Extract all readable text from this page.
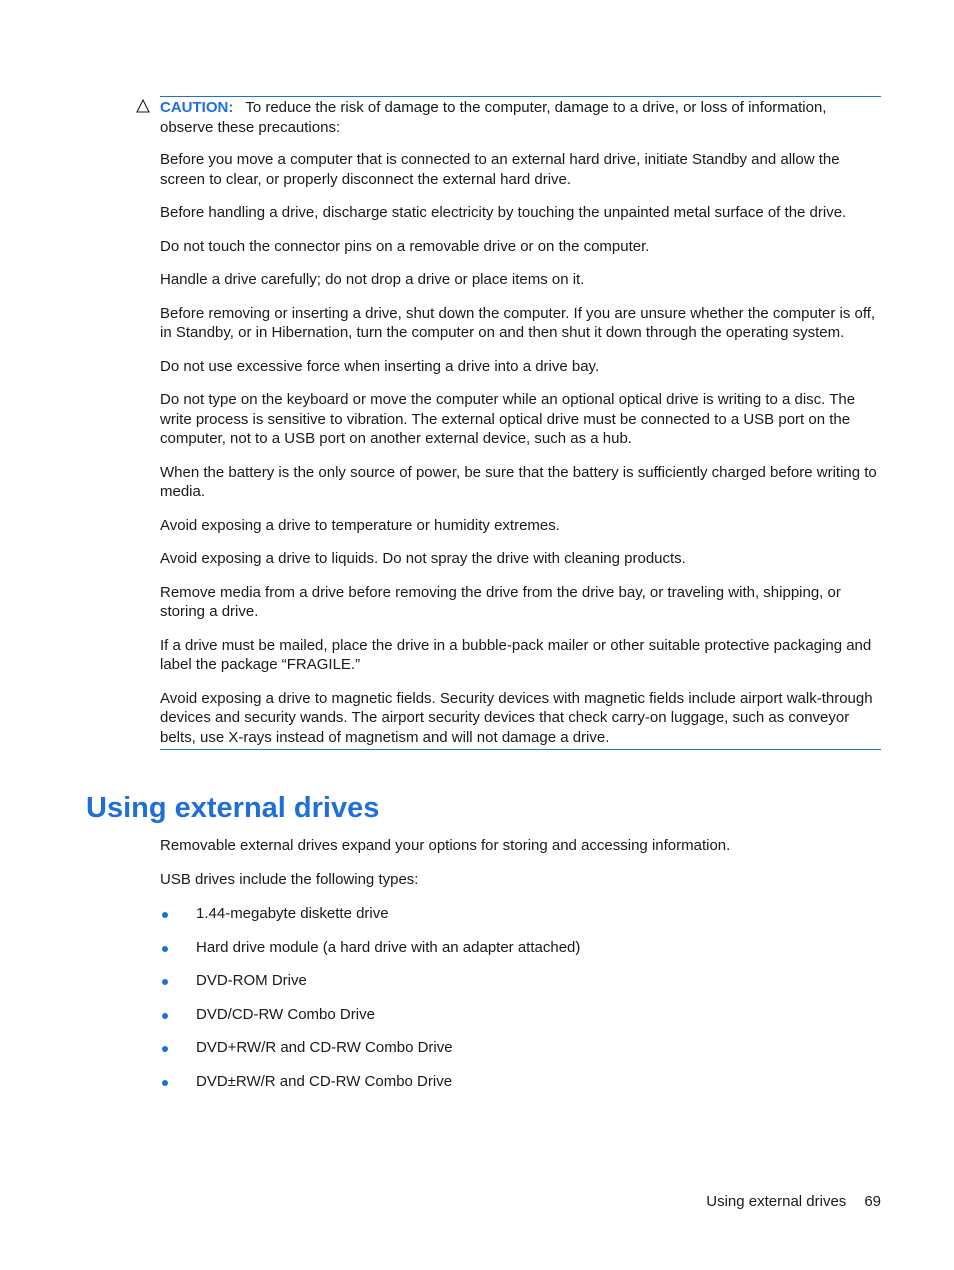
CAUTION: To reduce the risk of damage to the computer, damage to a drive, or loss of information, observe these precautions:

Before you move a computer that is connected to an external hard drive, initiate Standby and allow the screen to clear, or properly disconnect the external hard drive.

Before handling a drive, discharge static electricity by touching the unpainted metal surface of the drive.

Do not touch the connector pins on a removable drive or on the computer.

Handle a drive carefully; do not drop a drive or place items on it.

Before removing or inserting a drive, shut down the computer. If you are unsure whether the computer is off, in Standby, or in Hibernation, turn the computer on and then shut it down through the operating system.

Do not use excessive force when inserting a drive into a drive bay.

Do not type on the keyboard or move the computer while an optional optical drive is writing to a disc. The write process is sensitive to vibration. The external optical drive must be connected to a USB port on the computer, not to a USB port on another external device, such as a hub.

When the battery is the only source of power, be sure that the battery is sufficiently charged before writing to media.

Avoid exposing a drive to temperature or humidity extremes.

Avoid exposing a drive to liquids. Do not spray the drive with cleaning products.

Remove media from a drive before removing the drive from the drive bay, or traveling with, shipping, or storing a drive.

If a drive must be mailed, place the drive in a bubble-pack mailer or other suitable protective packaging and label the package “FRAGILE.”

Avoid exposing a drive to magnetic fields. Security devices with magnetic fields include airport walk-through devices and security wands. The airport security devices that check carry-on luggage, such as conveyor belts, use X-rays instead of magnetism and will not damage a drive.

Using external drives

Removable external drives expand your options for storing and accessing information.

USB drives include the following types:

1.44-megabyte diskette drive
Hard drive module (a hard drive with an adapter attached)
DVD-ROM Drive
DVD/CD-RW Combo Drive
DVD+RW/R and CD-RW Combo Drive
DVD±RW/R and CD-RW Combo Drive
Using external drives 69
